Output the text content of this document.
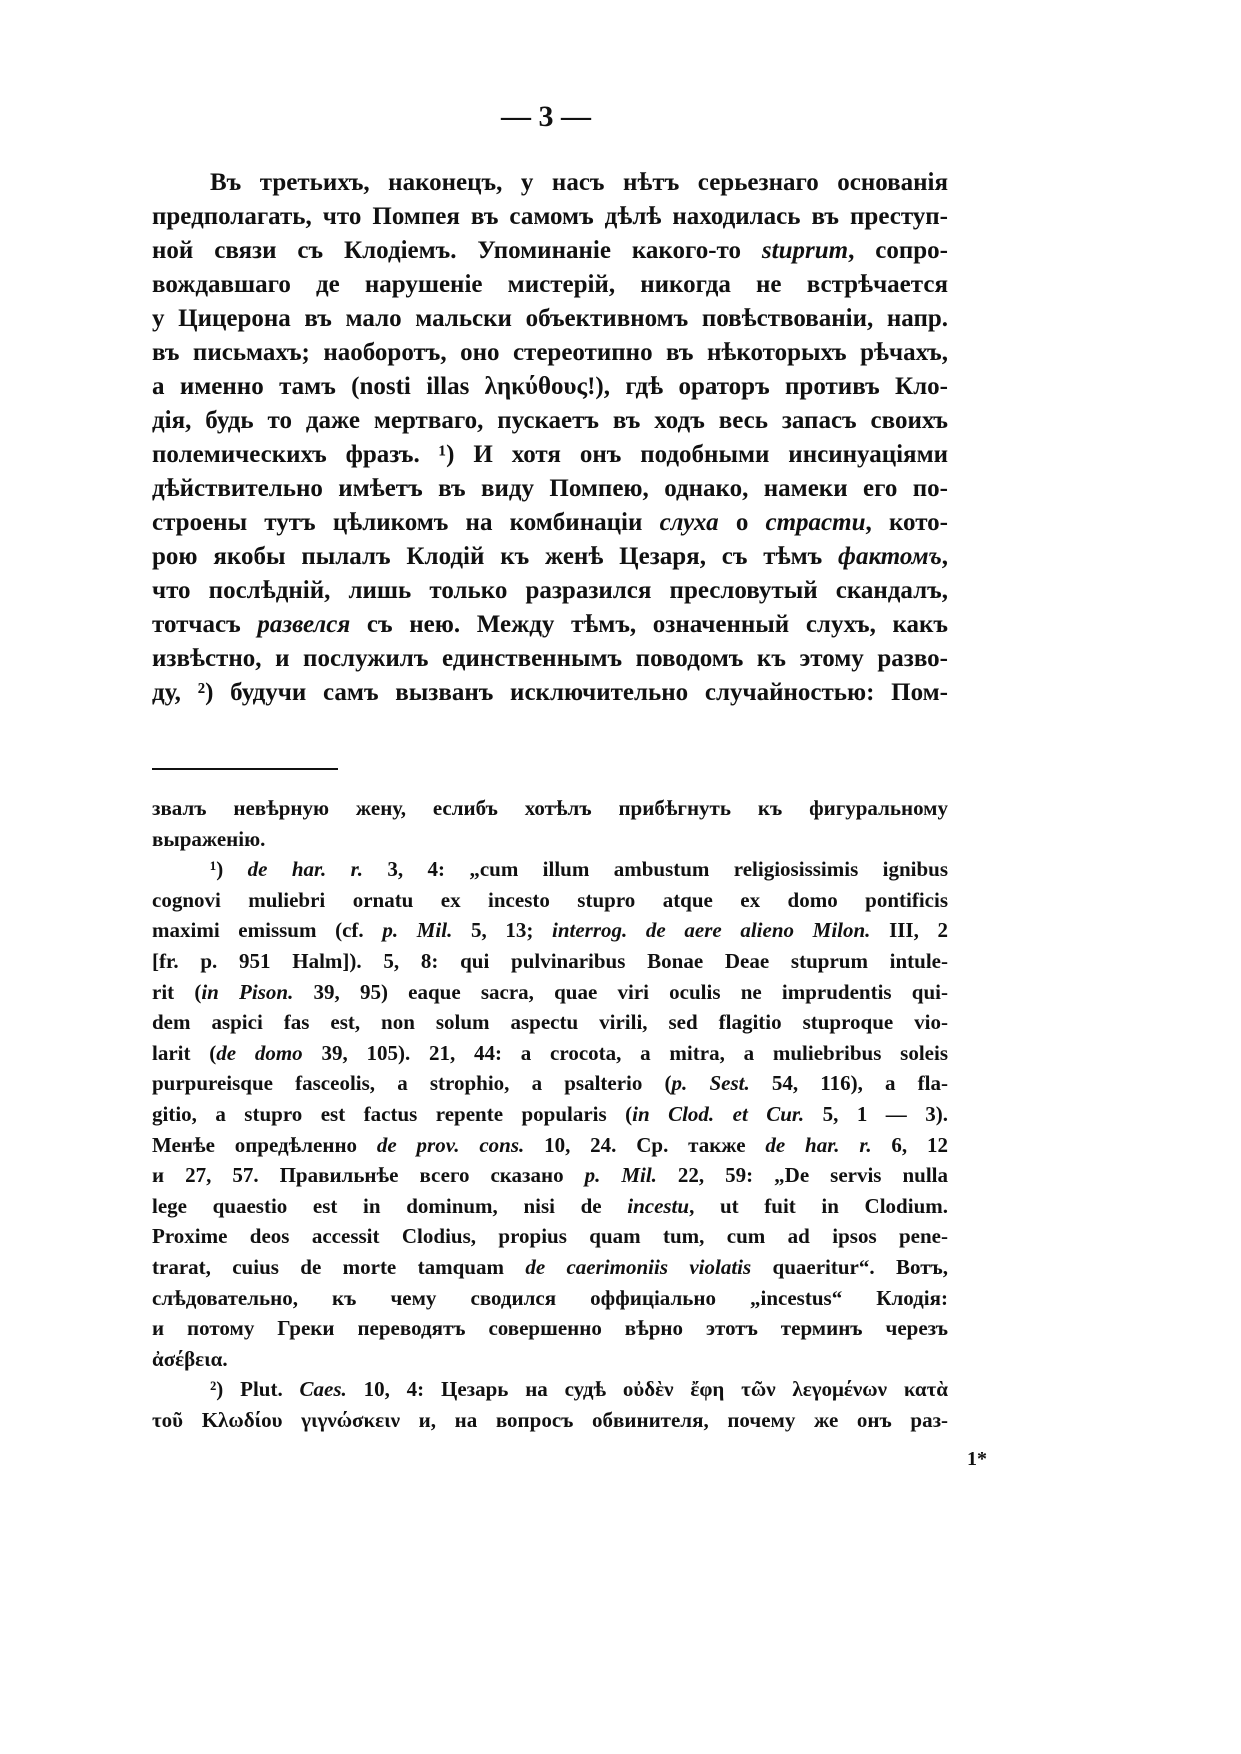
— 3 —
Въ третьихъ, наконецъ, у насъ нѣтъ серьезнаго основанія
предполагать, что Помпея въ самомъ дѣлѣ находилась въ преступ-
ной связи съ Клодіемъ. Упоминаніе какого-то stuprum, сопро-
вождавшаго де нарушеніе мистерій, никогда не встрѣчается
у Цицерона въ мало мальски объективномъ повѣствованіи, напр.
въ письмахъ; наоборотъ, оно стереотипно въ нѣкоторыхъ рѣчахъ,
а именно тамъ (nosti illas ληκύθους!), гдѣ ораторъ противъ Кло-
дія, будь то даже мертваго, пускаетъ въ ходъ весь запасъ своихъ
полемическихъ фразъ. ¹) И хотя онъ подобными инсинуаціями
дѣйствительно имѣетъ въ виду Помпею, однако, намеки его по-
строены тутъ цѣликомъ на комбинаціи слуха о страсти, кото-
рою якобы пылалъ Клодій къ женѣ Цезаря, съ тѣмъ фактомъ,
что послѣдній, лишь только разразился пресловутый скандалъ,
тотчасъ развелся съ нею. Между тѣмъ, означенный слухъ, какъ
извѣстно, и послужилъ единственнымъ поводомъ къ этому разво-
ду, ²) будучи самъ вызванъ исключительно случайностью: Пом-
звалъ невѣрную жену, еслибъ хотѣлъ прибѣгнуть къ фигуральному
выраженію.
¹) de har. r. 3, 4: „cum illum ambustum religiosissimis ignibus
cognovi muliebri ornatu ex incesto stupro atque ex domo pontificis
maximi emissum (cf. p. Mil. 5, 13; interrog. de aere alieno Milon. III, 2
[fr. p. 951 Halm]). 5, 8: qui pulvinaribus Bonae Deae stuprum intule-
rit (in Pison. 39, 95) eaque sacra, quae viri oculis ne imprudentis qui-
dem aspici fas est, non solum aspectu virili, sed flagitio stuproque vio-
larit (de domo 39, 105). 21, 44: a crocota, a mitra, a muliebribus soleis
purpureisque fasceolis, a strophio, a psalterio (p. Sest. 54, 116), a fla-
gitio, a stupro est factus repente popularis (in Clod. et Cur. 5, 1 — 3).
Менѣе опредѣленно de prov. cons. 10, 24. Ср. также de har. r. 6, 12
и 27, 57. Правильнѣе всего сказано p. Mil. 22, 59: „De servis nulla
lege quaestio est in dominum, nisi de incestu, ut fuit in Clodium.
Proxime deos accessit Clodius, propius quam tum, cum ad ipsos pene-
trarat, cuius de morte tamquam de caerimoniis violatis quaeritur“. Вотъ,
слѣдовательно, къ чему сводился оффиціально „incestus“ Клодія:
и потому Греки переводятъ совершенно вѣрно этотъ терминъ черезъ
ἀσέβεια.
²) Plut. Caes. 10, 4: Цезарь на судѣ οὐδὲν ἔφη τῶν λεγομένων κατὰ
τοῦ Κλωδίου γιγνώσκειν и, на вопросъ обвинителя, почему же онъ раз-
1*
